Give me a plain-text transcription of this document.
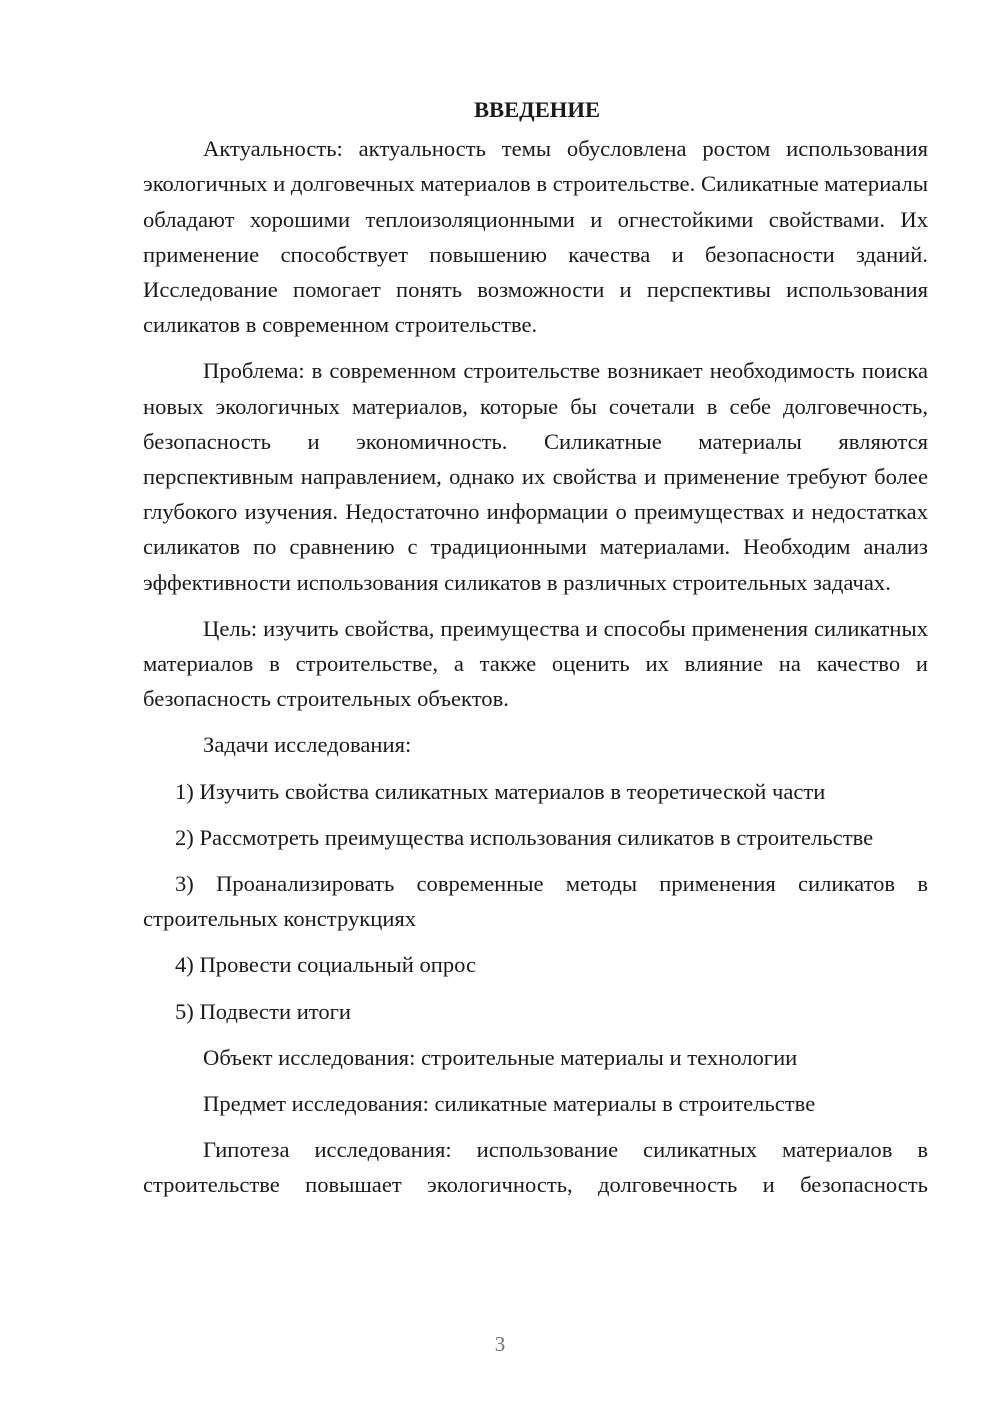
ВВЕДЕНИЕ

Актуальность: актуальность темы обусловлена ростом использования экологичных и долговечных материалов в строительстве. Силикатные материалы обладают хорошими теплоизоляционными и огнестойкими свойствами. Их применение способствует повышению качества и безопасности зданий. Исследование помогает понять возможности и перспективы использования силикатов в современном строительстве.

Проблема: в современном строительстве возникает необходимость поиска новых экологичных материалов, которые бы сочетали в себе долговечность, безопасность и экономичность. Силикатные материалы являются перспективным направлением, однако их свойства и применение требуют более глубокого изучения. Недостаточно информации о преимуществах и недостатках силикатов по сравнению с традиционными материалами. Необходим анализ эффективности использования силикатов в различных строительных задачах.

Цель: изучить свойства, преимущества и способы применения силикатных материалов в строительстве, а также оценить их влияние на качество и безопасность строительных объектов.

Задачи исследования:

1) Изучить свойства силикатных материалов в теоретической части

2) Рассмотреть преимущества использования силикатов в строительстве

3) Проанализировать современные методы применения силикатов в строительных конструкциях

4) Провести социальный опрос

5) Подвести итоги

Объект исследования: строительные материалы и технологии

Предмет исследования: силикатные материалы в строительстве

Гипотеза исследования: использование силикатных материалов в строительстве повышает экологичность, долговечность и безопасность

3
